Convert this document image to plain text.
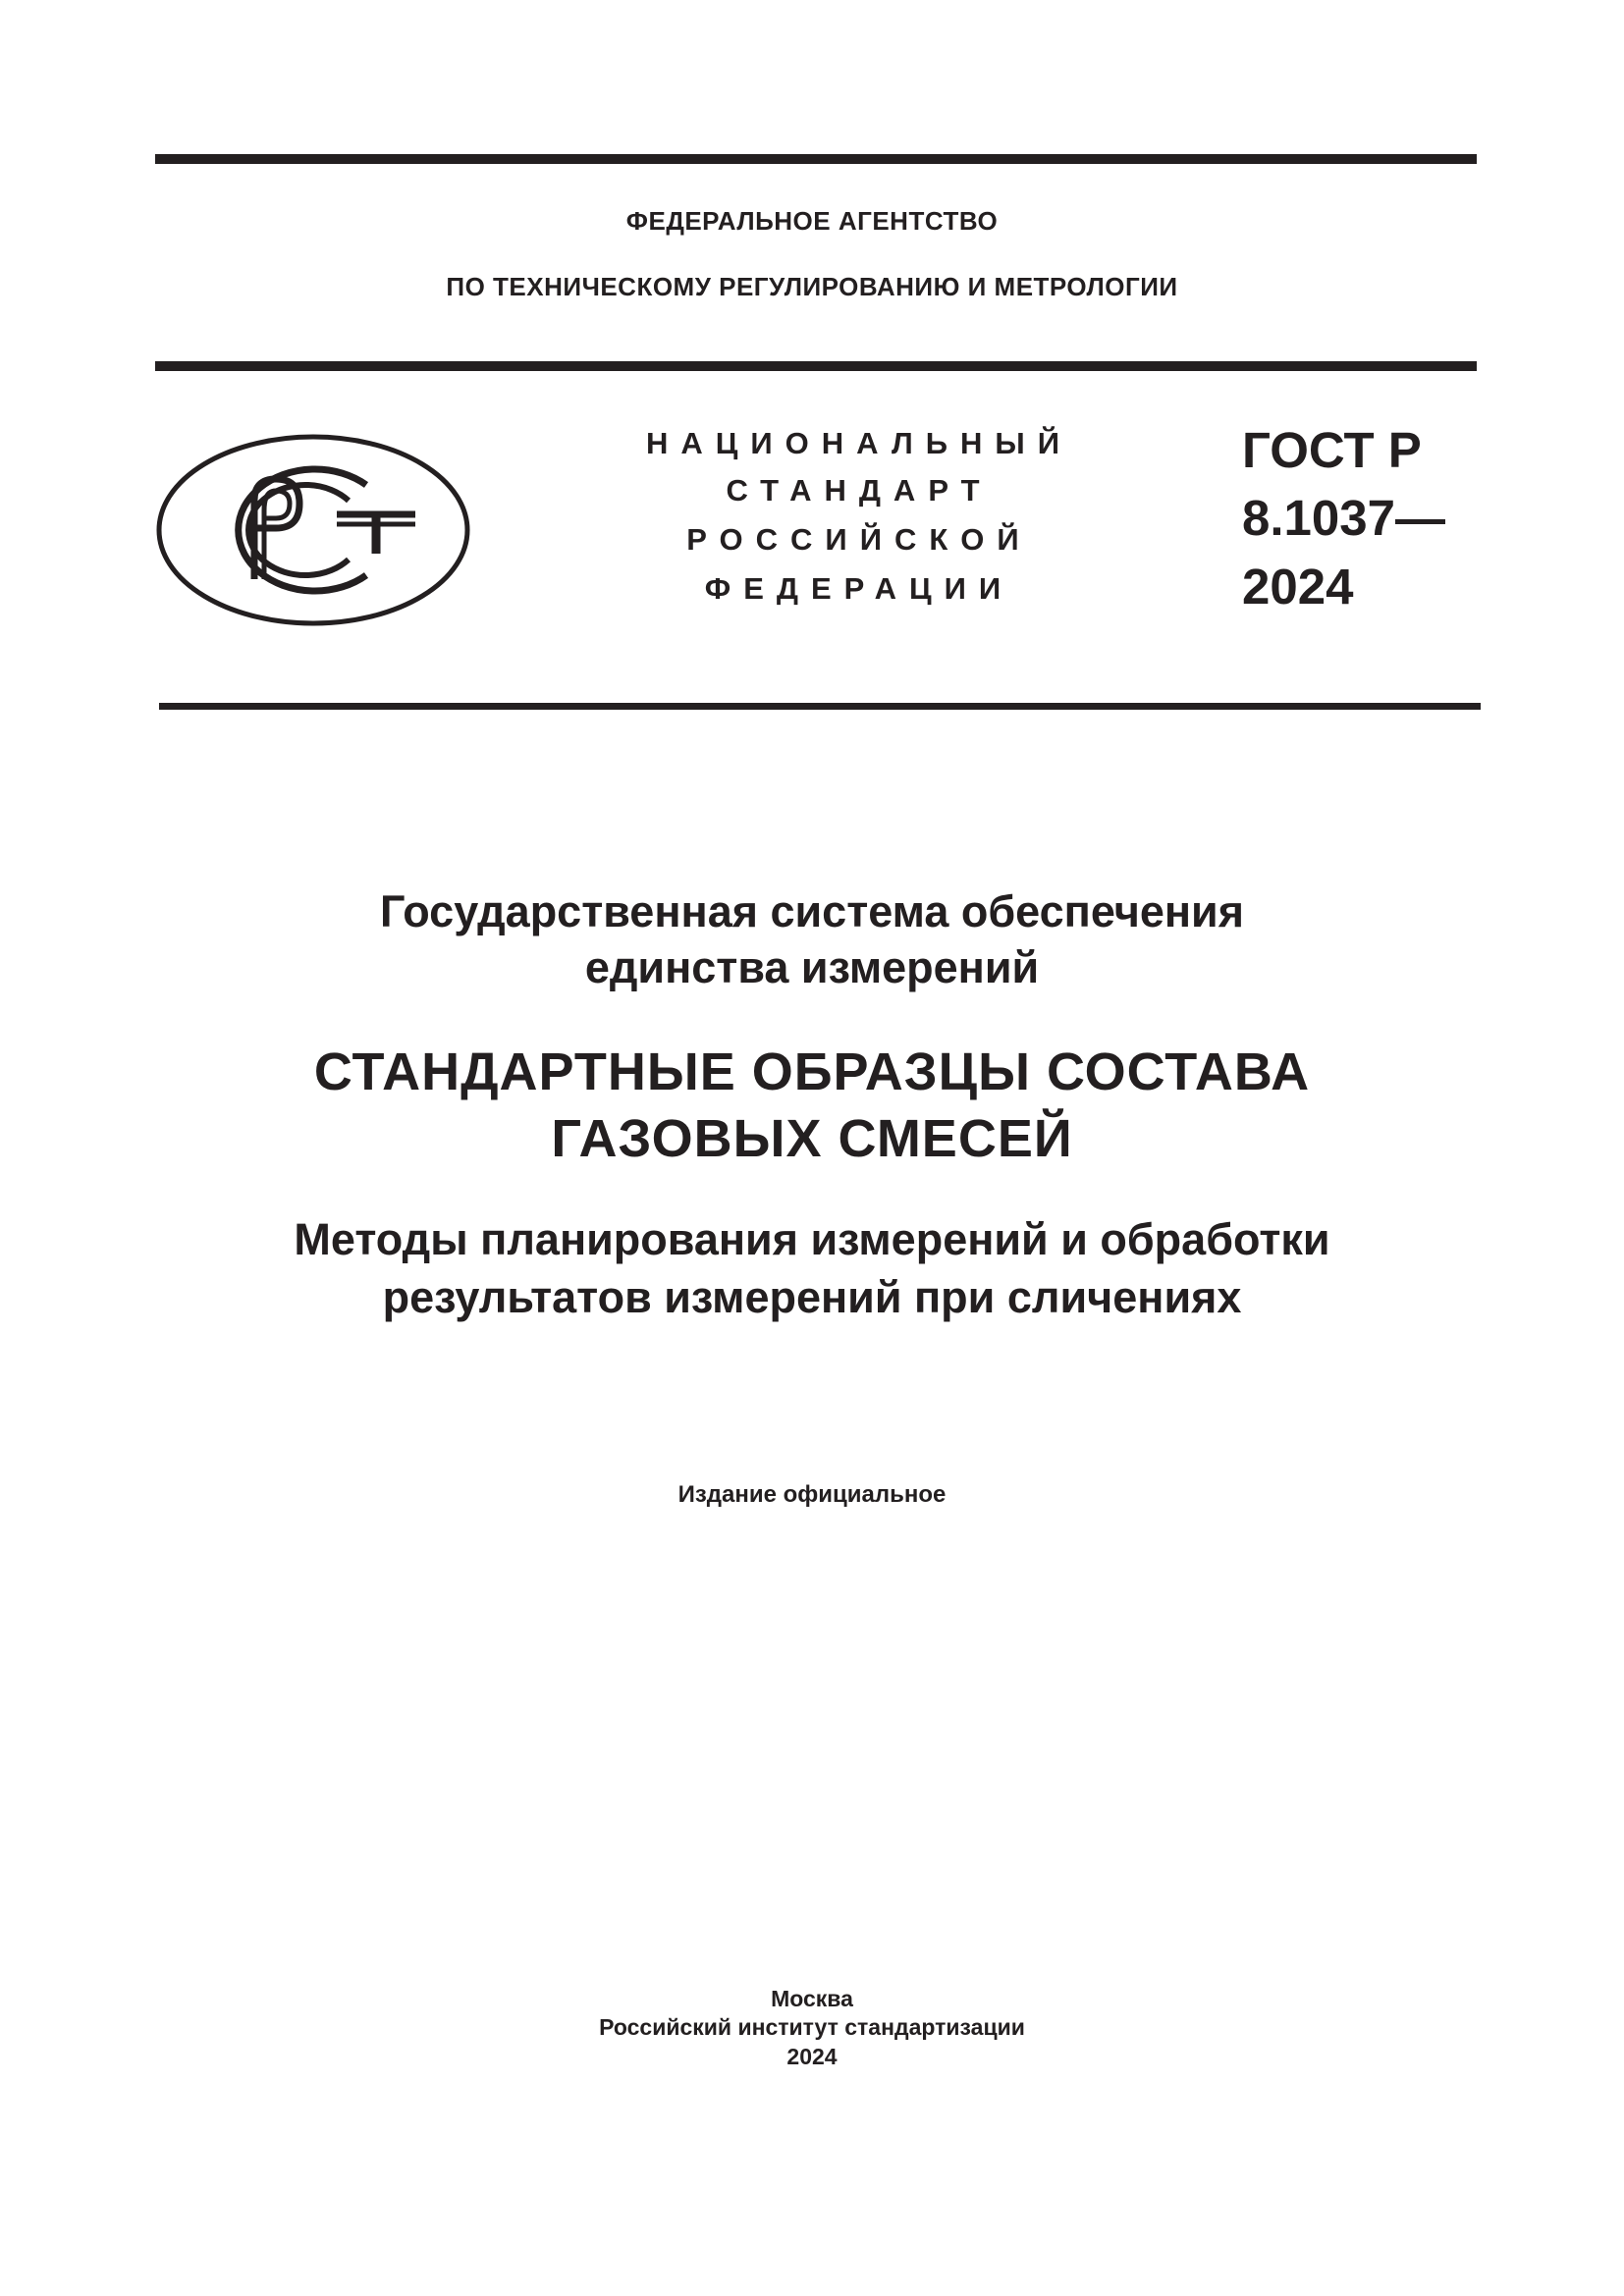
ФЕДЕРАЛЬНОЕ АГЕНТСТВО
ПО ТЕХНИЧЕСКОМУ РЕГУЛИРОВАНИЮ И МЕТРОЛОГИИ
НАЦИОНАЛЬНЫЙ
СТАНДАРТ
РОССИЙСКОЙ
ФЕДЕРАЦИИ
ГОСТ Р
8.1037—
2024
Государственная система обеспечения
единства измерений
СТАНДАРТНЫЕ ОБРАЗЦЫ СОСТАВА
ГАЗОВЫХ СМЕСЕЙ
Методы планирования измерений и обработки
результатов измерений при сличениях
Издание официальное
Москва
Российский институт стандартизации
2024
